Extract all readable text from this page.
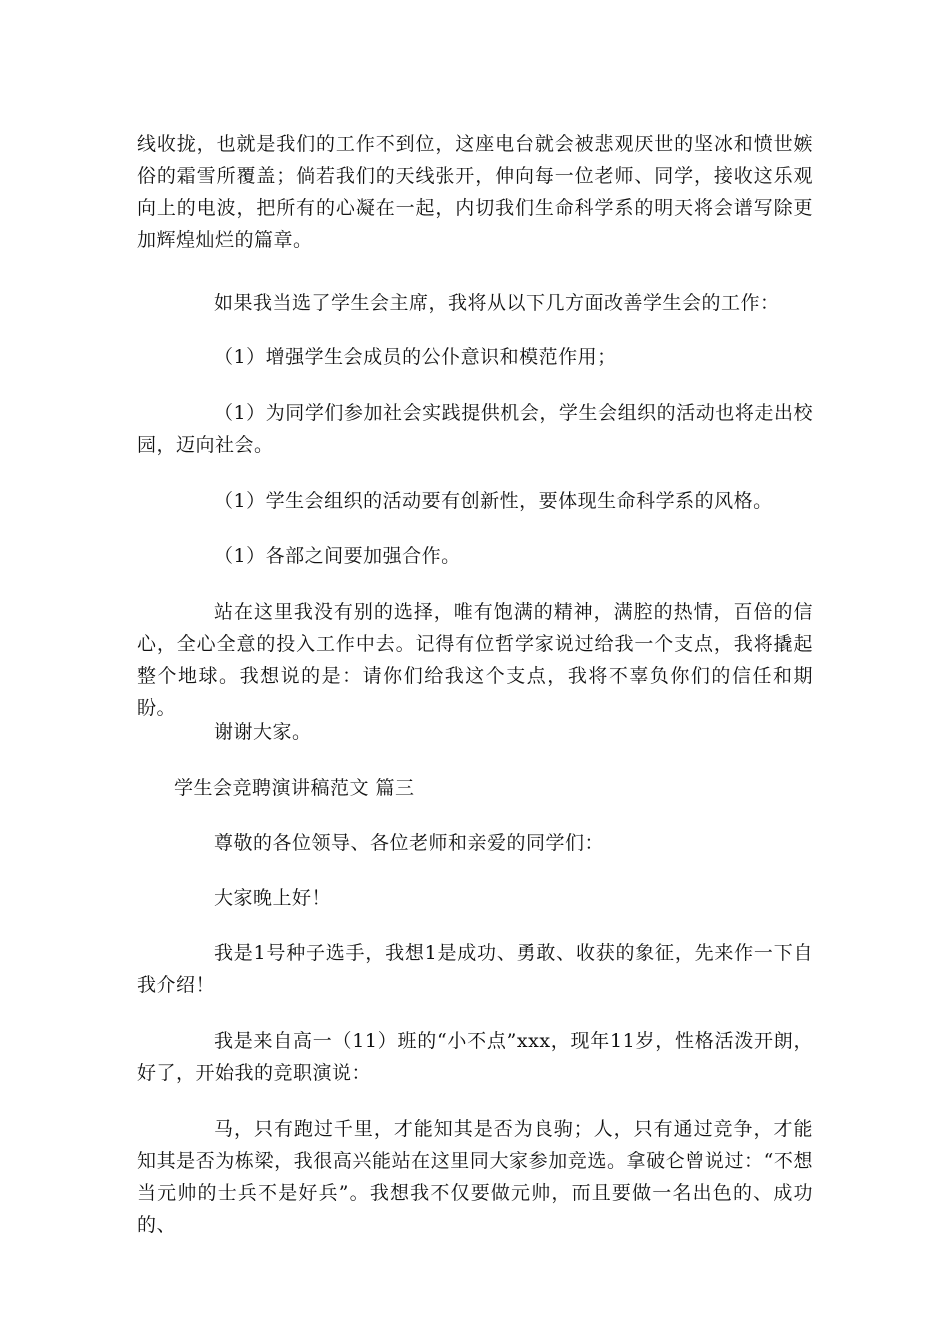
线收拢，也就是我们的工作不到位，这座电台就会被悲观厌世的坚冰和愤世嫉俗的霜雪所覆盖；倘若我们的天线张开，伸向每一位老师、同学，接收这乐观向上的电波，把所有的心凝在一起，内切我们生命科学系的明天将会谱写除更加辉煌灿烂的篇章。

如果我当选了学生会主席，我将从以下几方面改善学生会的工作：

（1）增强学生会成员的公仆意识和模范作用；

（1）为同学们参加社会实践提供机会，学生会组织的活动也将走出校园，迈向社会。

（1）学生会组织的活动要有创新性，要体现生命科学系的风格。

（1）各部之间要加强合作。

站在这里我没有别的选择，唯有饱满的精神，满腔的热情，百倍的信心，全心全意的投入工作中去。记得有位哲学家说过给我一个支点，我将撬起整个地球。我想说的是：请你们给我这个支点，我将不辜负你们的信任和期盼。

谢谢大家。

学生会竞聘演讲稿范文 篇三

尊敬的各位领导、各位老师和亲爱的同学们：

大家晚上好！

我是1号种子选手，我想1是成功、勇敢、收获的象征，先来作一下自我介绍！

我是来自高一（11）班的“小不点”xxx，现年11岁，性格活泼开朗，好了，开始我的竞职演说：

马，只有跑过千里，才能知其是否为良驹；人，只有通过竞争，才能知其是否为栋梁，我很高兴能站在这里同大家参加竞选。拿破仑曾说过：“不想当元帅的士兵不是好兵”。我想我不仅要做元帅，而且要做一名出色的、成功的、
